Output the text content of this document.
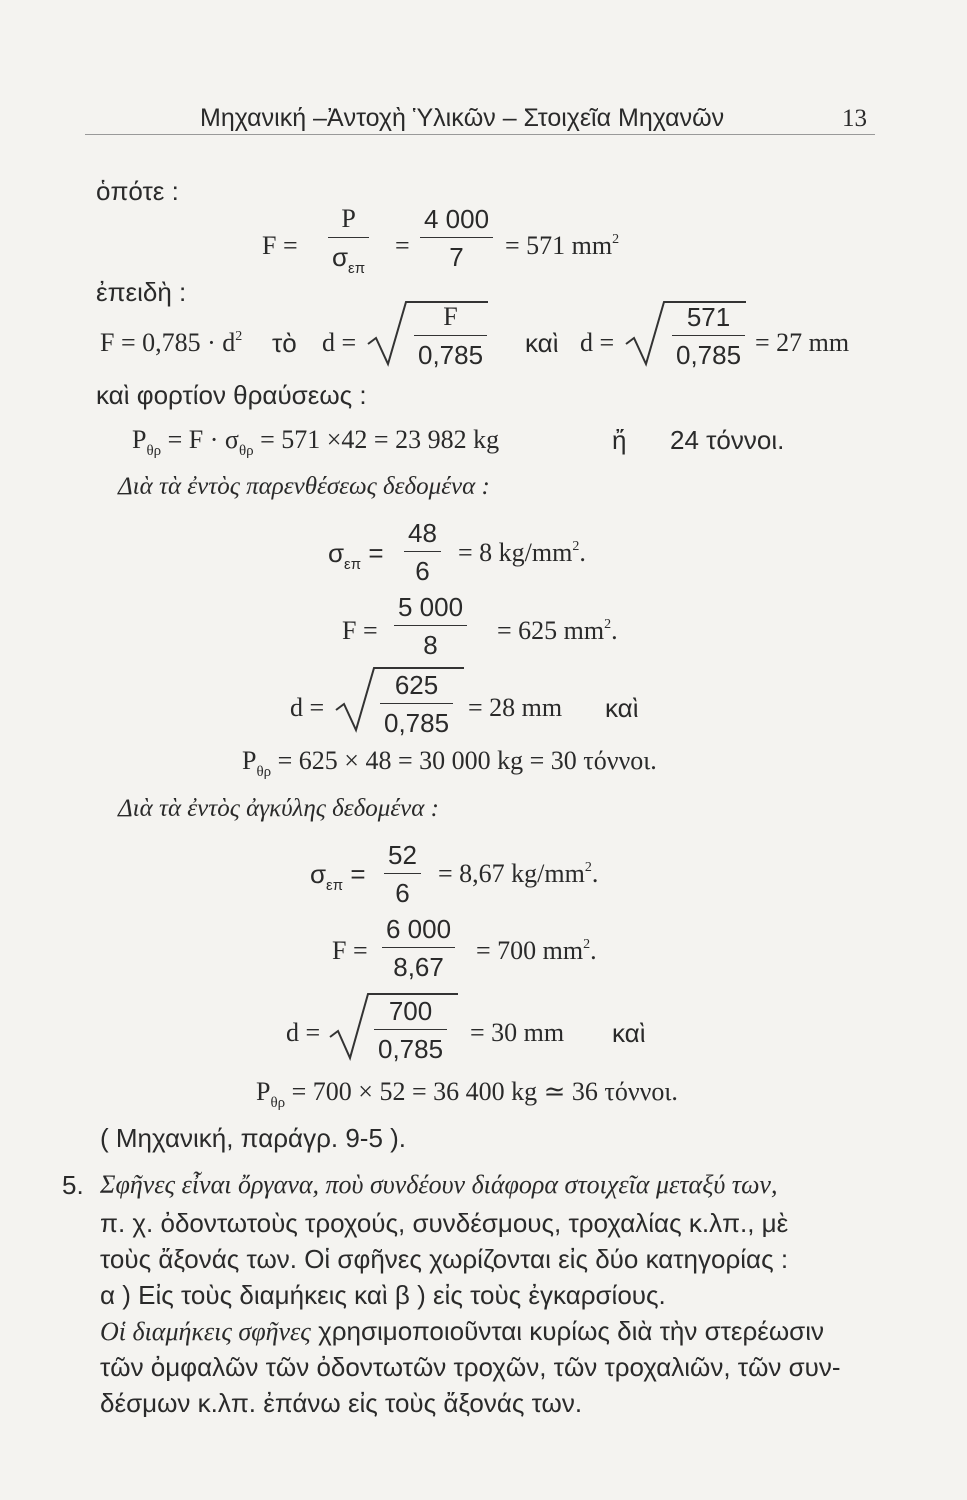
Μηχανική –Ἀντοχὴ Ὑλικῶν – Στοιχεῖα Μηχανῶν	13
ὁπότε :
F =
P
$\sigma_{\varepsilon\pi}$
=
4 000
7 = 571 $mm^2$
ἐπειδὴ :
$F = 0,785 \cdot d^2$ τὸ d =
F
0,785 καὶ d =
571
0,785 = 27 mm
καὶ φορτίον θραύσεως :
$P_{\theta\rho} = F \cdot \sigma_{\theta\rho} = 571 \times 42 = 23$ 982 kg	ἤ 24 τόννοι.
Διὰ τὰ ἐντὸς παρενθέσεως δεδομένα :
$\sigma_{\varepsilon\pi}$ =
48
6
= 8 $kg/mm^2$.
F =
5 000
8 = 625 $mm^2$.
d =
625
0,785
= 28 mm καὶ
$P_{\theta\rho} = 625 \times 48 = 30$ 000 kg = 30 τόννοι.
Διὰ τὰ ἐντὸς ἀγκύλης δεδομένα :
$\sigma_{\varepsilon\pi}$ =
52
6
= 8,67 $kg/mm^2$.
F =
6 000
8,67
= 700 $mm^2$.
d =
700
0,785
= 30 mm καὶ
$P_{\theta\rho} = 700 \times 52 = 36$ 400 kg ≃ 36 τόννοι.
( Μηχανική, παράγρ. 9-5 ).
5. Σφῆνες εἶναι ὄργανα, ποὺ συνδέουν διάφορα στοιχεῖα μεταξύ των,
π. χ. ὀδοντωτοὺς τροχούς, συνδέσμους, τροχαλίας κ.λπ., μὲ
τοὺς ἄξονάς των. Οἱ σφῆνες χωρίζονται εἰς δύο κατηγορίας :
α ) Εἰς τοὺς διαμήκεις καὶ β ) εἰς τοὺς ἐγκαρσίους.
Οἱ διαμήκεις σφῆνες χρησιμοποιοῦνται κυρίως διὰ τὴν στερέωσιν
τῶν ὀμφαλῶν τῶν ὀδοντωτῶν τροχῶν, τῶν τροχαλιῶν, τῶν συν-
δέσμων κ.λπ. ἐπάνω εἰς τοὺς ἄξονάς των.
